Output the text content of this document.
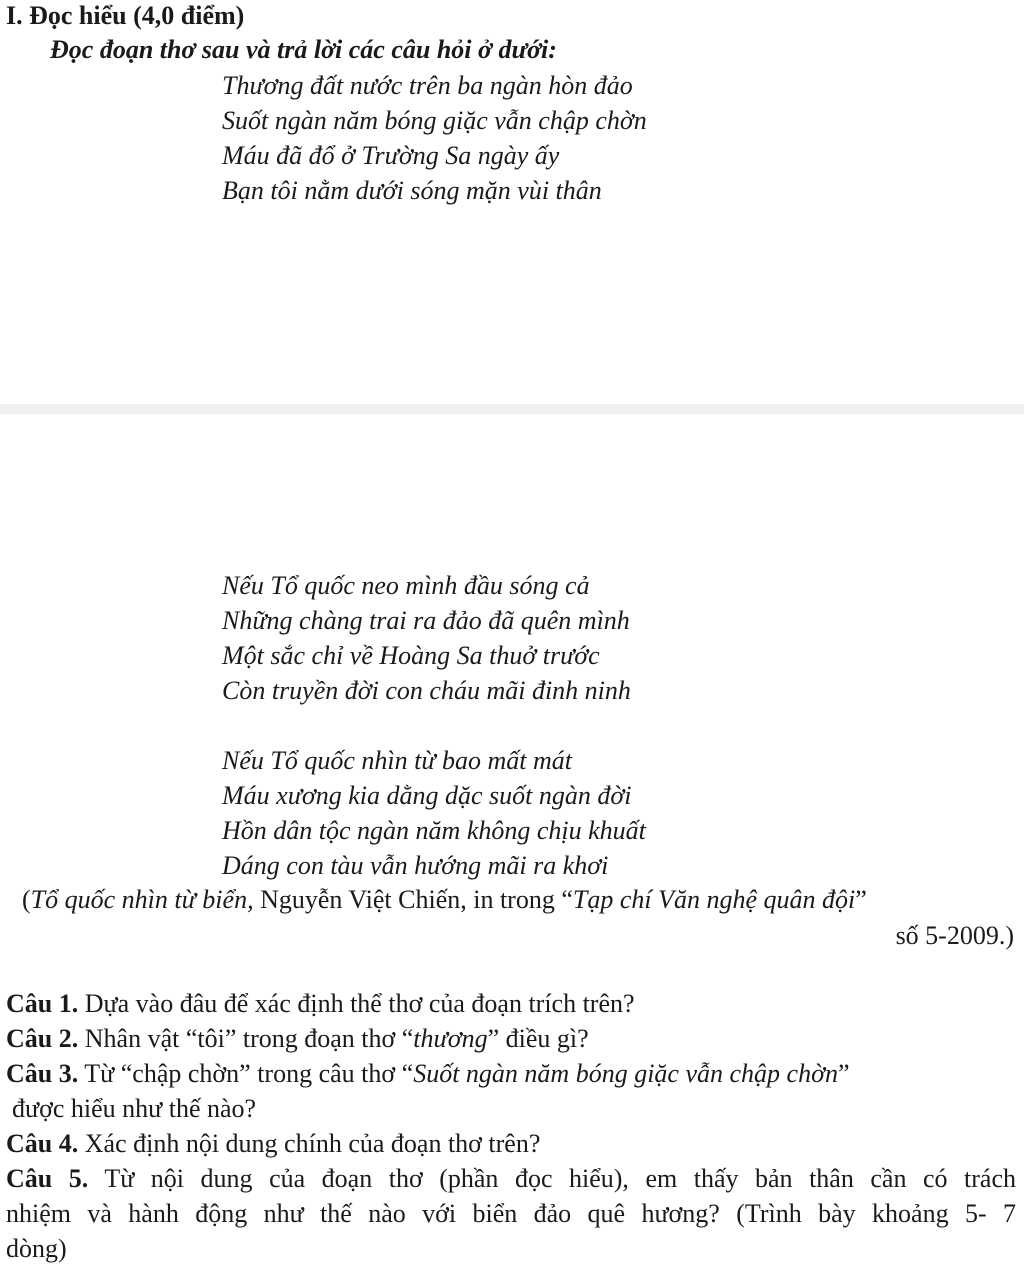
I. Đọc hiểu (4,0 điểm)
Đọc đoạn thơ sau và trả lời các câu hỏi ở dưới:
Thương đất nước trên ba ngàn hòn đảo
Suốt ngàn năm bóng giặc vẫn chập chờn
Máu đã đổ ở Trường Sa ngày ấy
Bạn tôi nằm dưới sóng mặn vùi thân
Nếu Tổ quốc neo mình đầu sóng cả
Những chàng trai ra đảo đã quên mình
Một sắc chỉ về Hoàng Sa thuở trước
Còn truyền đời con cháu mãi đinh ninh
Nếu Tổ quốc nhìn từ bao mất mát
Máu xương kia dằng dặc suốt ngàn đời
Hồn dân tộc ngàn năm không chịu khuất
Dáng con tàu vẫn hướng mãi ra khơi
(Tổ quốc nhìn từ biển, Nguyễn Việt Chiến, in trong “Tạp chí Văn nghệ quân đội”
số 5-2009.)
Câu 1. Dựa vào đâu để xác định thể thơ của đoạn trích trên?
Câu 2. Nhân vật “tôi” trong đoạn thơ “thương” điều gì?
Câu 3. Từ “chập chờn” trong câu thơ “Suốt ngàn năm bóng giặc vẫn chập chờn”
được hiểu như thế nào?
Câu 4. Xác định nội dung chính của đoạn thơ trên?
Câu 5. Từ nội dung của đoạn thơ (phần đọc hiểu), em thấy bản thân cần có trách
nhiệm và hành động như thế nào với biển đảo quê hương? (Trình bày khoảng 5- 7
dòng)
